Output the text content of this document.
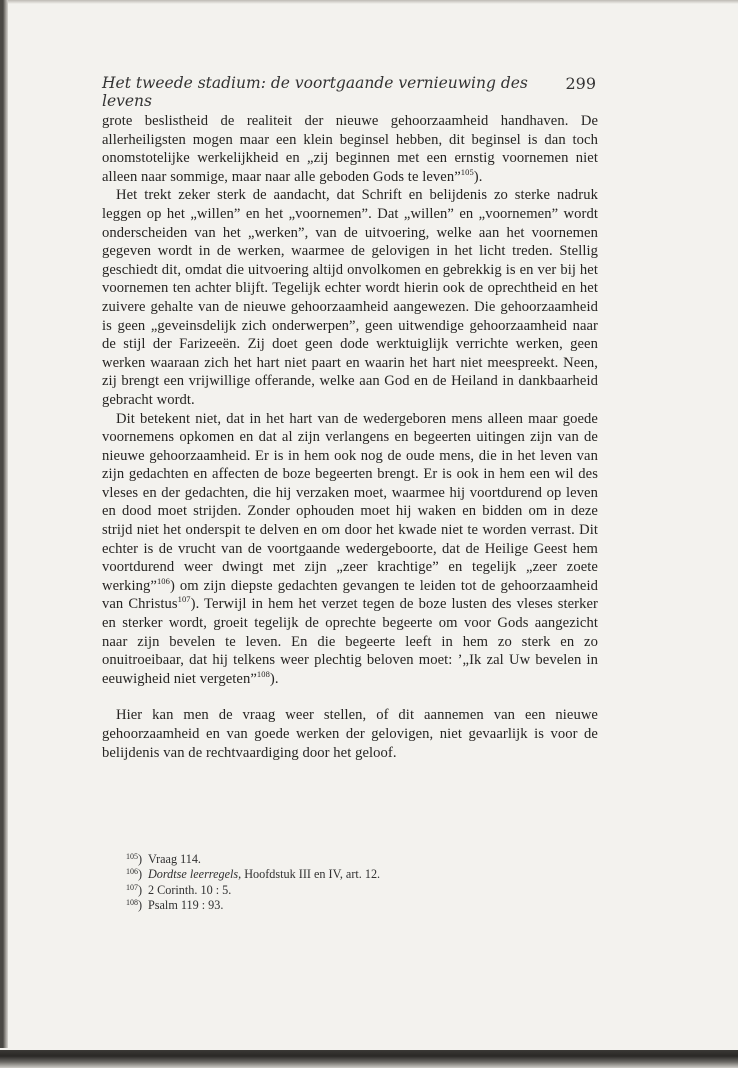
Het tweede stadium: de voortgaande vernieuwing des levens
299

grote beslistheid de realiteit der nieuwe gehoorzaamheid handhaven. De allerheiligsten mogen maar een klein beginsel hebben, dit beginsel is dan toch onomstotelijke werkelijkheid en „zij beginnen met een ernstig voornemen niet alleen naar sommige, maar naar alle geboden Gods te leven”$^{105}$).

Het trekt zeker sterk de aandacht, dat Schrift en belijdenis zo sterke nadruk leggen op het „willen” en het „voornemen”. Dat „willen” en „voornemen” wordt onderscheiden van het „werken”, van de uitvoering, welke aan het voornemen gegeven wordt in de werken, waarmee de gelovigen in het licht treden. Stellig geschiedt dit, omdat die uitvoering altijd onvolkomen en gebrekkig is en ver bij het voornemen ten achter blijft. Tegelijk echter wordt hierin ook de oprechtheid en het zuivere gehalte van de nieuwe gehoorzaamheid aangewezen. Die gehoorzaamheid is geen „geveinsdelijk zich onderwerpen”, geen uitwendige gehoorzaamheid naar de stijl der Farizeeën. Zij doet geen dode werktuiglijk verrichte werken, geen werken waaraan zich het hart niet paart en waarin het hart niet meespreekt. Neen, zij brengt een vrijwillige offerande, welke aan God en de Heiland in dankbaarheid gebracht wordt.

Dit betekent niet, dat in het hart van de wedergeboren mens alleen maar goede voornemens opkomen en dat al zijn verlangens en begeerten uitingen zijn van de nieuwe gehoorzaamheid. Er is in hem ook nog de oude mens, die in het leven van zijn gedachten en affecten de boze begeerten brengt. Er is ook in hem een wil des vleses en der gedachten, die hij verzaken moet, waarmee hij voortdurend op leven en dood moet strijden. Zonder ophouden moet hij waken en bidden om in deze strijd niet het onderspit te delven en om door het kwade niet te worden verrast. Dit echter is de vrucht van de voortgaande wedergeboorte, dat de Heilige Geest hem voortdurend weer dwingt met zijn „zeer krachtige” en tegelijk „zeer zoete werking”$^{106}$) om zijn diepste gedachten gevangen te leiden tot de gehoorzaamheid van Christus$^{107}$). Terwijl in hem het verzet tegen de boze lusten des vleses sterker en sterker wordt, groeit tegelijk de oprechte begeerte om voor Gods aangezicht naar zijn bevelen te leven. En die begeerte leeft in hem zo sterk en zo onuitroeibaar, dat hij telkens weer plechtig beloven moet: ’„Ik zal Uw bevelen in eeuwigheid niet vergeten”$^{108}$).

Hier kan men de vraag weer stellen, of dit aannemen van een nieuwe gehoorzaamheid en van goede werken der gelovigen, niet gevaarlijk is voor de belijdenis van de rechtvaardiging door het geloof.

$^{105}$) Vraag 114.
$^{106}$) Dordtse leerregels, Hoofdstuk III en IV, art. 12.
$^{107}$) 2 Corinth. 10 : 5.
$^{108}$) Psalm 119 : 93.
